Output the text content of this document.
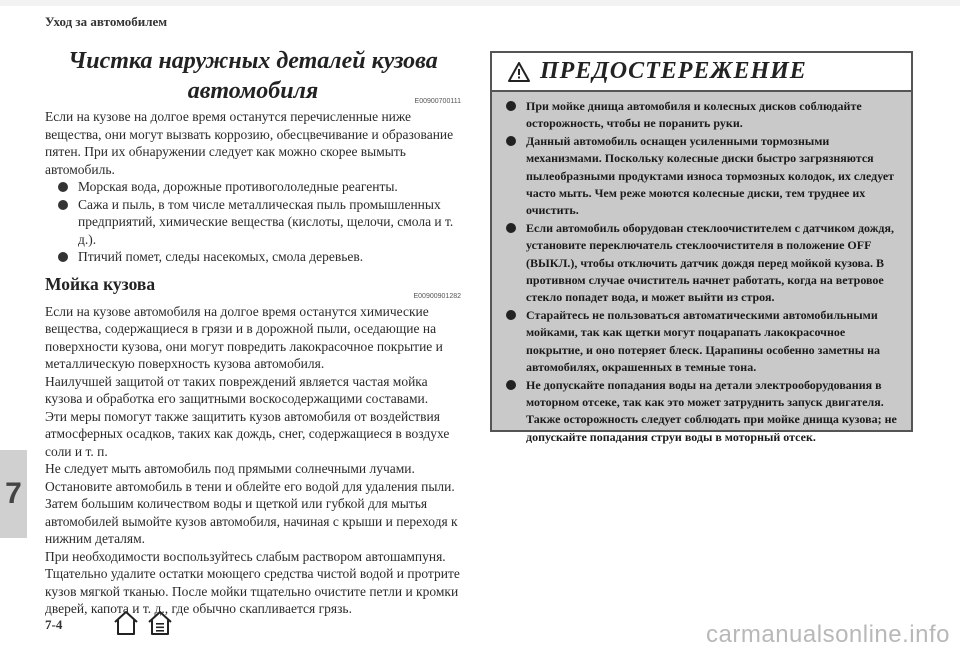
Уход за автомобилем
Чистка наружных деталей кузова автомобиля	E00900700111

Если на кузове на долгое время останутся перечисленные ниже вещества, они могут вызвать коррозию, обесцвечивание и образование пятен. При их обнаружении следует как можно скорее вымыть автомобиль.

Морская вода, дорожные противогололедные реагенты.
Сажа и пыль, в том числе металлическая пыль промышленных предприятий, химические вещества (кислоты, щелочи, смола и т. д.).
Птичий помет, следы насекомых, смола деревьев.
Мойка кузова
E00900901282

Если на кузове автомобиля на долгое время останутся химические вещества, содержащиеся в грязи и в дорожной пыли, оседающие на поверхности кузова, они могут повредить лакокрасочное покрытие и металлическую поверхность кузова автомобиля.

Наилучшей защитой от таких повреждений является частая мойка кузова и обработка его защитными воскосодержащими составами.

Эти меры помогут также защитить кузов автомобиля от воздействия атмосферных осадков, таких как дождь, снег, содержащиеся в воздухе соли и т. п.

Не следует мыть автомобиль под прямыми солнечными лучами.

Остановите автомобиль в тени и облейте его водой для удаления пыли. Затем большим количеством воды и щеткой или губкой для мытья автомобилей вымойте кузов автомобиля, начиная с крыши и переходя к нижним деталям.

При необходимости воспользуйтесь слабым раствором автошампуня.

Тщательно удалите остатки моющего средства чистой водой и протрите кузов мягкой тканью. После мойки тщательно очистите петли и кромки дверей, капота и т. д., где обычно скапливается грязь.

ПРЕДОСТЕРЕЖЕНИЕ
При мойке днища автомобиля и колесных дисков соблюдайте осторожность, чтобы не поранить руки.
Данный автомобиль оснащен усиленными тормозными механизмами. Поскольку колесные диски быстро загрязняются пылеобразными продуктами износа тормозных колодок, их следует часто мыть. Чем реже моются колесные диски, тем труднее их очистить.
Если автомобиль оборудован стеклоочистителем с датчиком дождя, установите переключатель стеклоочистителя в положение OFF (ВЫКЛ.), чтобы отключить датчик дождя перед мойкой кузова. В противном случае очиститель начнет работать, когда на ветровое стекло попадет вода, и может выйти из строя.
Старайтесь не пользоваться автоматическими автомобильными мойками, так как щетки могут поцарапать лакокрасочное покрытие, и оно потеряет блеск. Царапины особенно заметны на автомобилях, окрашенных в темные тона.
Не допускайте попадания воды на детали электрооборудования в моторном отсеке, так как это может затруднить запуск двигателя. Также осторожность следует соблюдать при мойке днища кузова; не допускайте попадания струи воды в моторный отсек.
7
7-4	carmanualsonline.info
